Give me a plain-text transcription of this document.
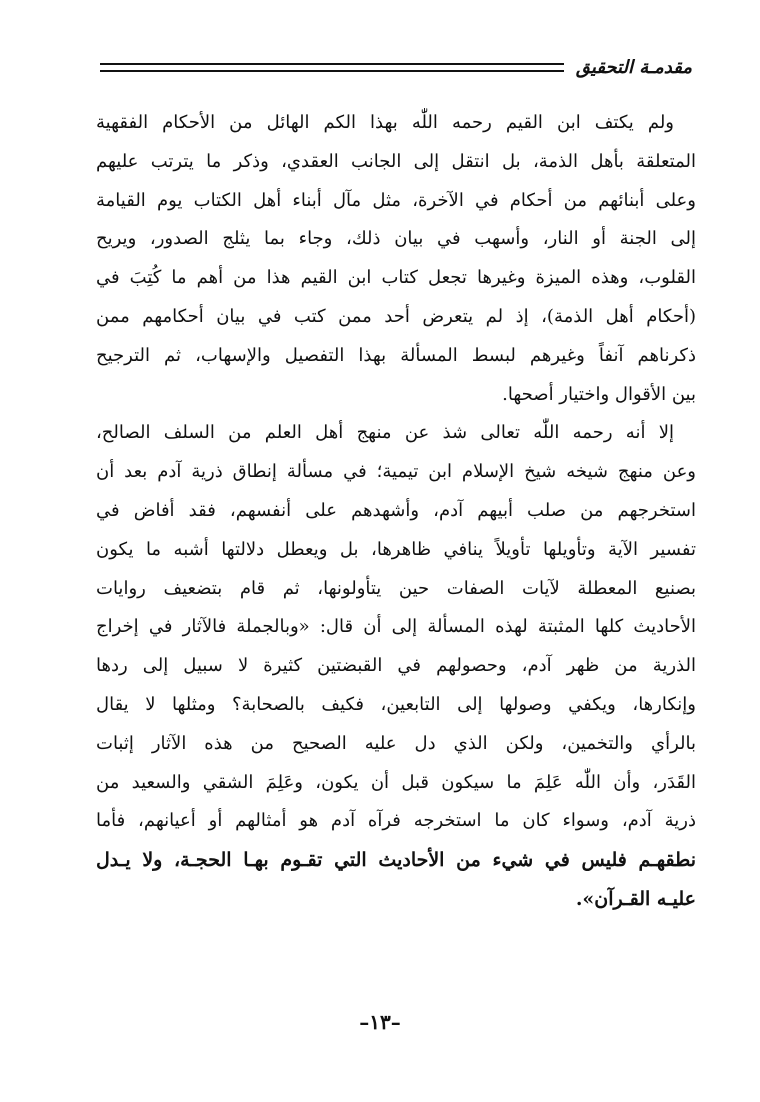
مقدمـة التحقيق
ولم يكتف ابن القيم رحمه اللّٰه بهذا الكم الهائل من الأحكام الفقهية
المتعلقة بأهل الذمة، بل انتقل إلى الجانب العقدي، وذكر ما يترتب عليهم
وعلى أبنائهم من أحكام في الآخرة، مثل مآل أبناء أهل الكتاب يوم القيامة
إلى الجنة أو النار، وأسهب في بيان ذلك، وجاء بما يثلج الصدور، ويريح
القلوب، وهذه الميزة وغيرها تجعل كتاب ابن القيم هذا من أهم ما كُتِبَ في
(أحكام أهل الذمة)، إذ لم يتعرض أحد ممن كتب في بيان أحكامهم ممن
ذكرناهم آنفاً وغيرهم لبسط المسألة بهذا التفصيل والإسهاب، ثم الترجيح
بين الأقوال واختيار أصحها.
إلا أنه رحمه اللّٰه تعالى شذ عن منهج أهل العلم من السلف الصالح،
وعن منهج شيخه شيخ الإسلام ابن تيمية؛ في مسألة إنطاق ذرية آدم بعد أن
استخرجهم من صلب أبيهم آدم، وأشهدهم على أنفسهم، فقد أفاض في
تفسير الآية وتأويلها تأويلاً ينافي ظاهرها، بل ويعطل دلالتها أشبه ما يكون
بصنيع المعطلة لآيات الصفات حين يتأولونها، ثم قام بتضعيف روايات
الأحاديث كلها المثبتة لهذه المسألة إلى أن قال: «وبالجملة فالآثار في إخراج
الذرية من ظهر آدم، وحصولهم في القبضتين كثيرة لا سبيل إلى ردها
وإنكارها، ويكفي وصولها إلى التابعين، فكيف بالصحابة؟ ومثلها لا يقال
بالرأي والتخمين، ولكن الذي دل عليه الصحيح من هذه الآثار إثبات
القَدَر، وأن اللّٰه عَلِمَ ما سيكون قبل أن يكون، وعَلِمَ الشقي والسعيد من
ذرية آدم، وسواء كان ما استخرجه فرآه آدم هو أمثالهم أو أعيانهم، فأما
نطقهـم فليس في شيء من الأحاديث التي تقـوم بهـا الحجـة، ولا يـدل
عليـه القـرآن».
–١٣–
